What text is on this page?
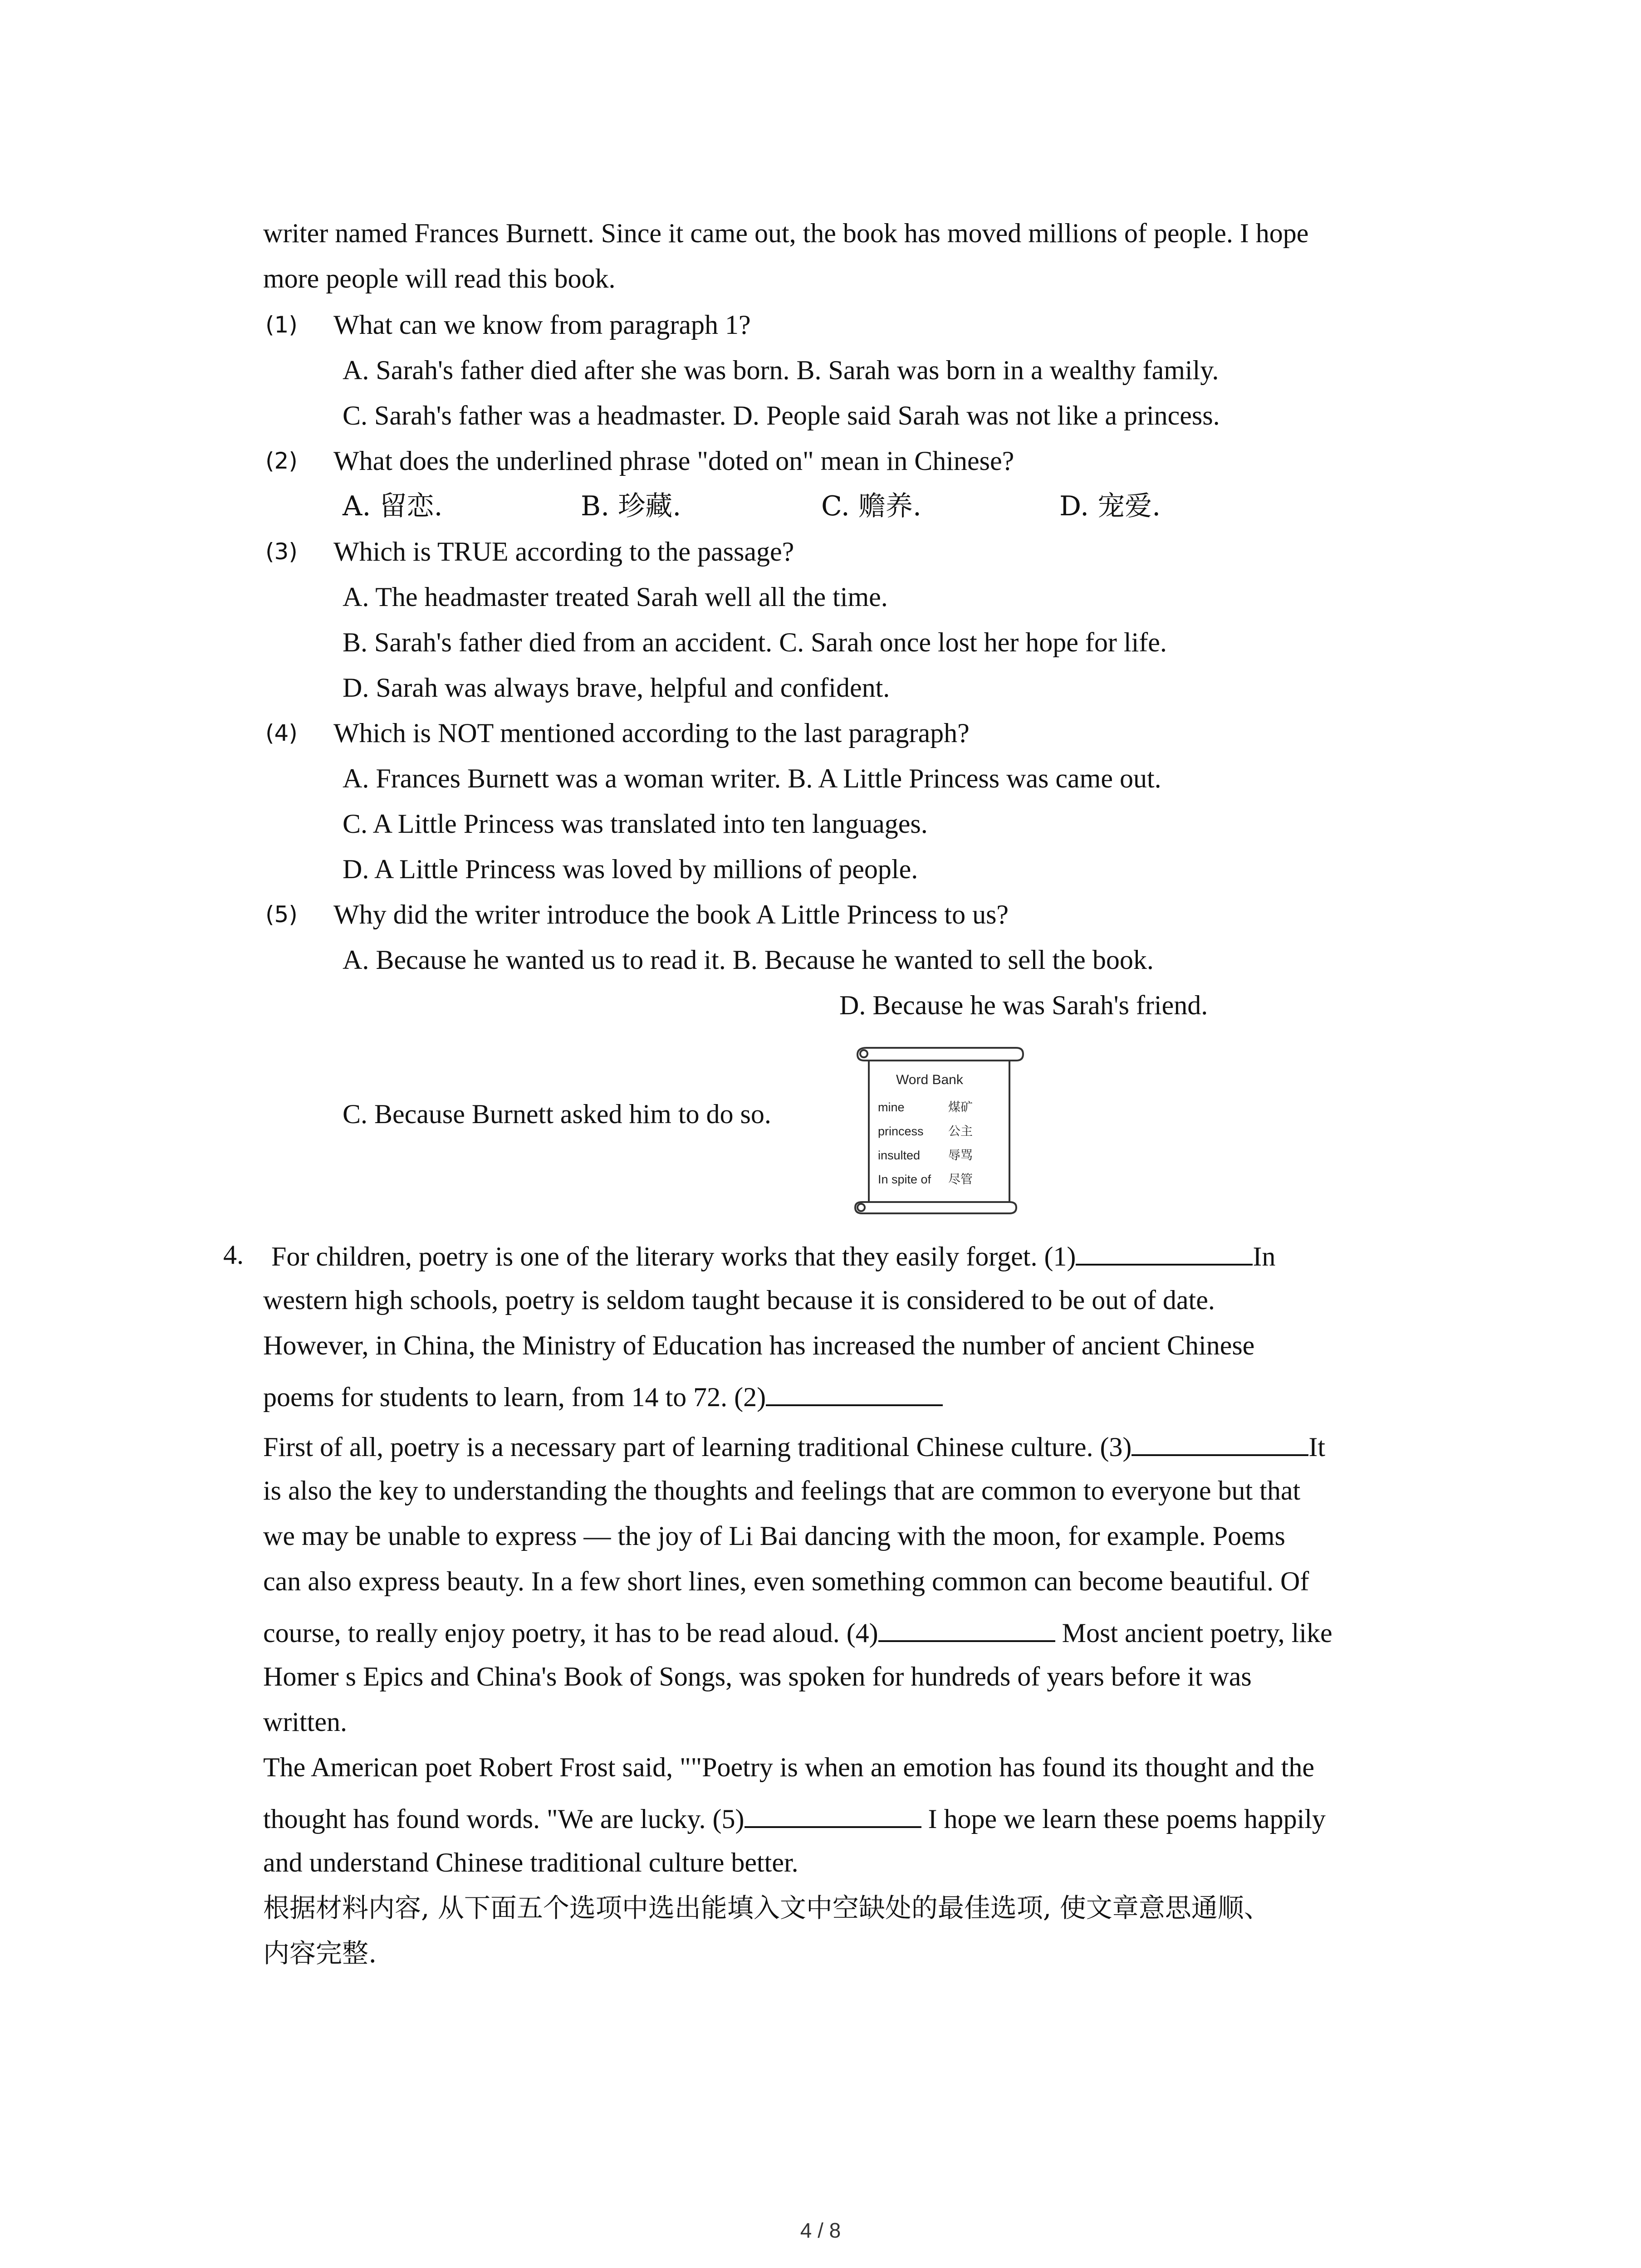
writer named Frances Burnett. Since it came out, the book has moved millions of people. I hope
more people will read this book.
(1) What can we know from paragraph 1?
A. Sarah's father died after she was born. B. Sarah was born in a wealthy family.
C. Sarah's father was a headmaster. D. People said Sarah was not like a princess.
(2) What does the underlined phrase "doted on" mean in Chinese?
A. 留恋.	B. 珍藏.	C. 赡养.	D. 宠爱.
(3) Which is TRUE according to the passage?
A. The headmaster treated Sarah well all the time.
B. Sarah's father died from an accident. C. Sarah once lost her hope for life.
D. Sarah was always brave, helpful and confident.
(4) Which is NOT mentioned according to the last paragraph?
A. Frances Burnett was a woman writer. B. A Little Princess was came out.
C. A Little Princess was translated into ten languages.
D. A Little Princess was loved by millions of people.
(5) Why did the writer introduce the book A Little Princess to us?
A. Because he wanted us to read it. B. Because he wanted to sell the book.
D. Because he was Sarah's friend.
C. Because Burnett asked him to do so.
Word Bank
mine	煤矿
princess 公主
insulted 辱骂
In spite of 尽管
4. For children, poetry is one of the literary works that they easily forget. (1)	In
western high schools, poetry is seldom taught because it is considered to be out of date.
However, in China, the Ministry of Education has increased the number of ancient Chinese
poems for students to learn, from 14 to 72. (2)
First of all, poetry is a necessary part of learning traditional Chinese culture. (3)	It
is also the key to understanding the thoughts and feelings that are common to everyone but that
we may be unable to express — the joy of Li Bai dancing with the moon, for example. Poems
can also express beauty. In a few short lines, even something common can become beautiful. Of
course, to really enjoy poetry, it has to be read aloud. (4)	Most ancient poetry, like
Homer s Epics and China's Book of Songs, was spoken for hundreds of years before it was
written.
The American poet Robert Frost said, ""Poetry is when an emotion has found its thought and the
thought has found words. "We are lucky. (5)	I hope we learn these poems happily
and understand Chinese traditional culture better.
根据材料内容, 从下面五个选项中选出能填入文中空缺处的最佳选项, 使文章意思通顺、
内容完整.
4 / 8
